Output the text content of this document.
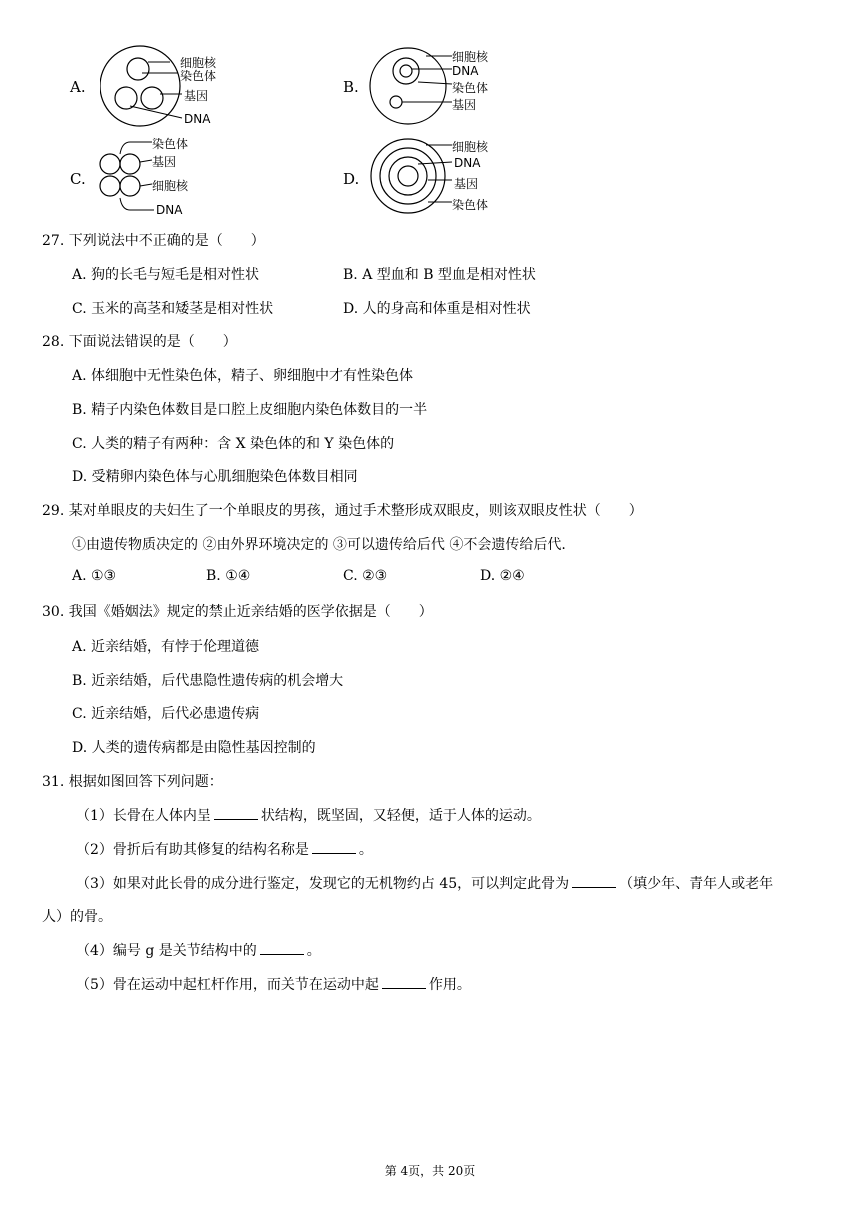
A.
细胞核
染色体
基因
DNA
B.
细胞核
DNA
染色体
基因
C.
染色体
基因
细胞核
DNA
D.
细胞核
DNA
基因
染色体
27. 下列说法中不正确的是（　　）
A. 狗的长毛与短毛是相对性状	B. A 型血和 B 型血是相对性状
C. 玉米的高茎和矮茎是相对性状	D. 人的身高和体重是相对性状
28. 下面说法错误的是（　　）
A. 体细胞中无性染色体，精子、卵细胞中才有性染色体
B. 精子内染色体数目是口腔上皮细胞内染色体数目的一半
C. 人类的精子有两种：含 X 染色体的和 Y 染色体的
D. 受精卵内染色体与心肌细胞染色体数目相同
29. 某对单眼皮的夫妇生了一个单眼皮的男孩，通过手术整形成双眼皮，则该双眼皮性状（　　）
①由遗传物质决定的 ②由外界环境决定的 ③可以遗传给后代 ④不会遗传给后代.
A. ①③	B. ①④	C. ②③	D. ②④
30. 我国《婚姻法》规定的禁止近亲结婚的医学依据是（　　）
A. 近亲结婚，有悖于伦理道德
B. 近亲结婚，后代患隐性遗传病的机会增大
C. 近亲结婚，后代必患遗传病
D. 人类的遗传病都是由隐性基因控制的
31. 根据如图回答下列问题：
（1）长骨在人体内呈	状结构，既坚固，又轻便，适于人体的运动。
（2）骨折后有助其修复的结构名称是	。
（3）如果对此长骨的成分进行鉴定，发现它的无机物约占 45，可以判定此骨为	（填少年、青年人或老年
人）的骨。
（4）编号 g 是关节结构中的	。
（5）骨在运动中起杠杆作用，而关节在运动中起	作用。
第 4页，共 20页
